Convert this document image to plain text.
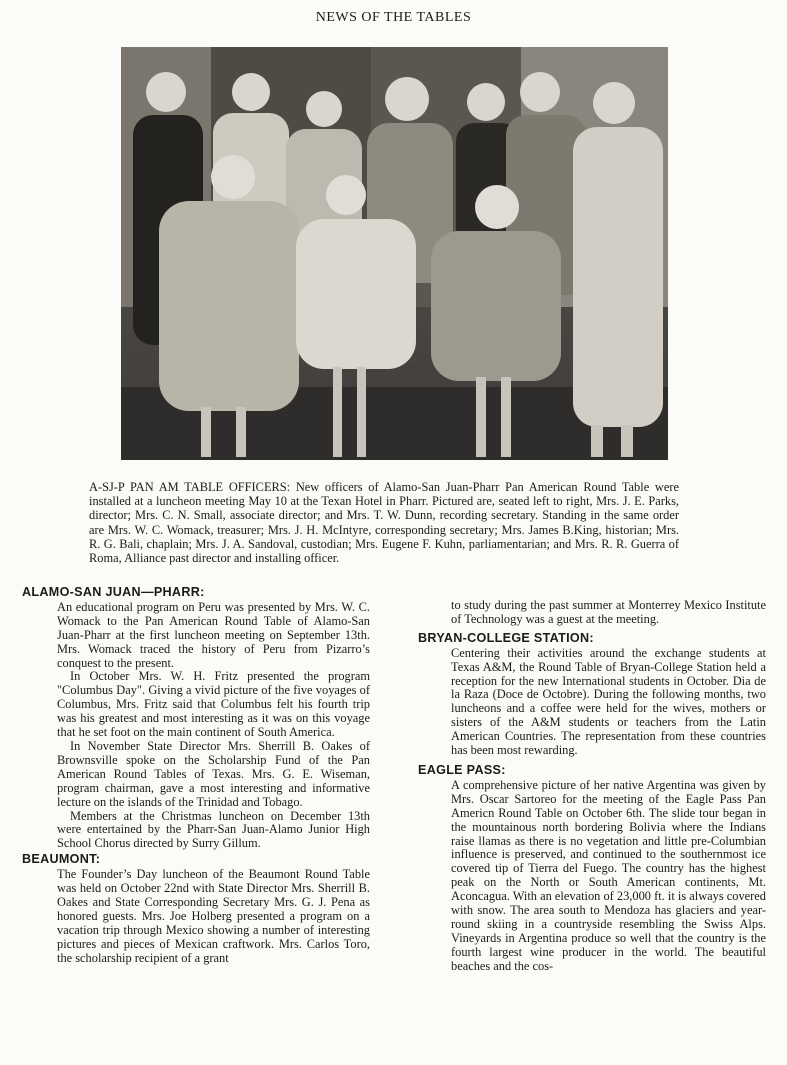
NEWS OF THE TABLES
A-SJ-P PAN AM TABLE OFFICERS: New officers of Alamo-San Juan-Pharr Pan American Round Table were installed at a luncheon meeting May 10 at the Texan Hotel in Pharr. Pictured are, seated left to right, Mrs. J. E. Parks, director; Mrs. C. N. Small, associate director; and Mrs. T. W. Dunn, recording secretary. Standing in the same order are Mrs. W. C. Womack, treasurer; Mrs. J. H. McIntyre, corresponding secretary; Mrs. James B.King, historian; Mrs. R. G. Bali, chaplain; Mrs. J. A. Sandoval, custodian; Mrs. Eugene F. Kuhn, parliamentarian; and Mrs. R. R. Guerra of Roma, Alliance past director and installing officer.
ALAMO-SAN JUAN—PHARR:

An educational program on Peru was presented by Mrs. W. C. Womack to the Pan American Round Table of Alamo-San Juan-Pharr at the first luncheon meeting on September 13th. Mrs. Womack traced the history of Peru from Pizarro’s conquest to the present.

In October Mrs. W. H. Fritz presented the program "Columbus Day". Giving a vivid picture of the five voyages of Columbus, Mrs. Fritz said that Columbus felt his fourth trip was his greatest and most interesting as it was on this voyage that he set foot on the main continent of South America.

In November State Director Mrs. Sherrill B. Oakes of Brownsville spoke on the Scholarship Fund of the Pan American Round Tables of Texas. Mrs. G. E. Wiseman, program chairman, gave a most interesting and informative lecture on the islands of the Trinidad and Tobago.

Members at the Christmas luncheon on December 13th were entertained by the Pharr-San Juan-Alamo Junior High School Chorus directed by Surry Gillum.

BEAUMONT:

The Founder’s Day luncheon of the Beaumont Round Table was held on October 22nd with State Director Mrs. Sherrill B. Oakes and State Corresponding Secretary Mrs. G. J. Pena as honored guests. Mrs. Joe Holberg presented a program on a vacation trip through Mexico showing a number of interesting pictures and pieces of Mexican craftwork. Mrs. Carlos Toro, the scholarship recipient of a grant

to study during the past summer at Monterrey Mexico Institute of Technology was a guest at the meeting.

BRYAN-COLLEGE STATION:

Centering their activities around the exchange students at Texas A&M, the Round Table of Bryan-College Station held a reception for the new International students in October. Dia de la Raza (Doce de Octobre). During the following months, two luncheons and a coffee were held for the wives, mothers or sisters of the A&M students or teachers from the Latin American Countries. The representation from these countries has been most rewarding.

EAGLE PASS:

A comprehensive picture of her native Argentina was given by Mrs. Oscar Sartoreo for the meeting of the Eagle Pass Pan Americn Round Table on October 6th. The slide tour began in the mountainous north bordering Bolivia where the Indians raise llamas as there is no vegetation and little pre-Columbian influence is preserved, and continued to the southernmost ice covered tip of Tierra del Fuego. The country has the highest peak on the North or South American continents, Mt. Aconcagua. With an elevation of 23,000 ft. it is always covered with snow. The area south to Mendoza has glaciers and year-round skiing in a countryside resembling the Swiss Alps. Vineyards in Argentina produce so well that the country is the fourth largest wine producer in the world. The beautiful beaches and the cos-
